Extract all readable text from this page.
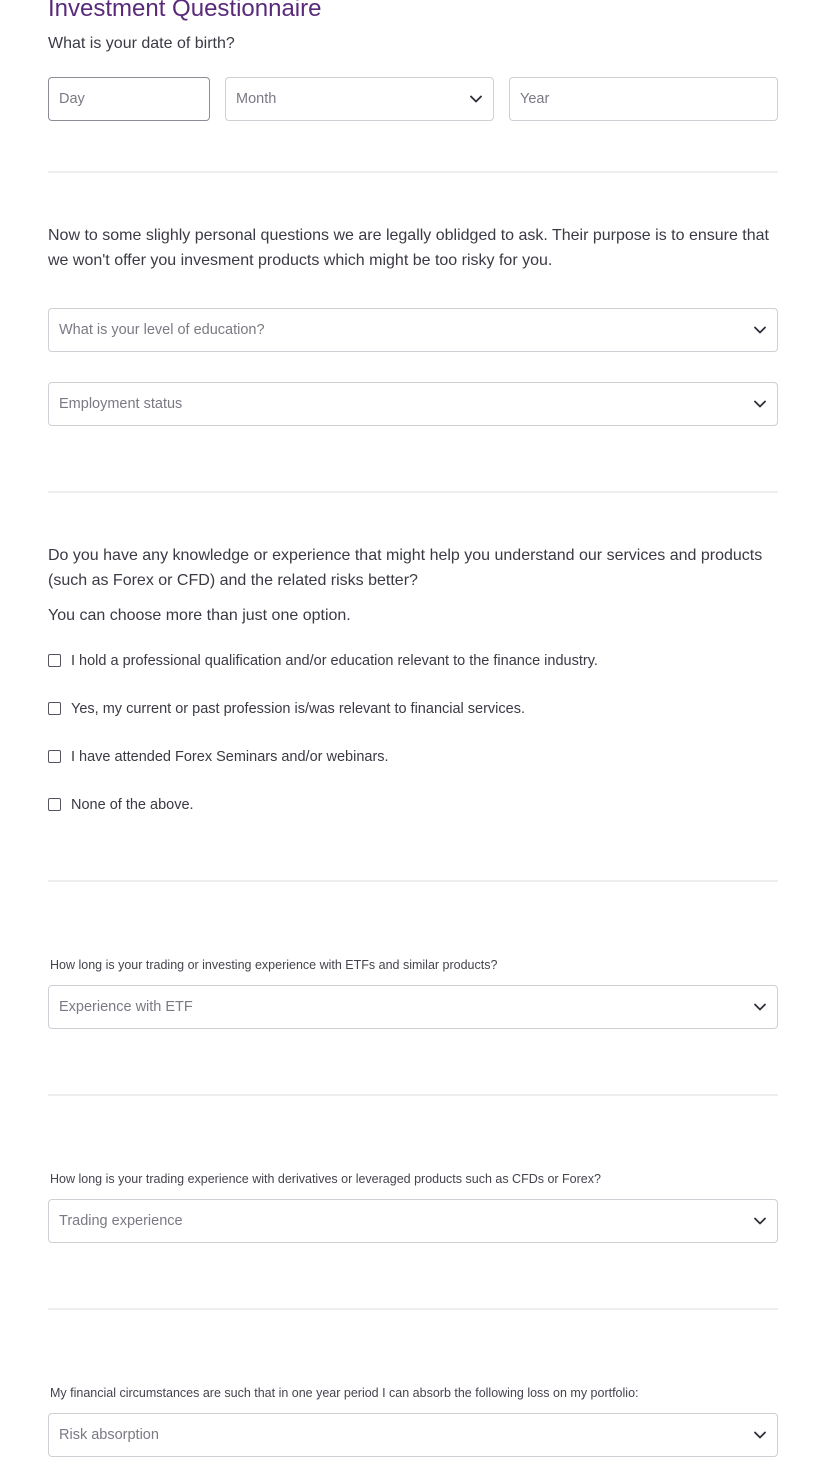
Investment Questionnaire

What is your date of birth?

Day
Month
Year

Now to some slighly personal questions we are legally oblidged to ask. Their purpose is to ensure that we won't offer you invesment products which might be too risky for you.

What is your level of education?
Employment status

Do you have any knowledge or experience that might help you understand our services and products (such as Forex or CFD) and the related risks better?

You can choose more than just one option.

I hold a professional qualification and/or education relevant to the finance industry.
Yes, my current or past profession is/was relevant to financial services.
I have attended Forex Seminars and/or webinars.
None of the above.

How long is your trading or investing experience with ETFs and similar products?

Experience with ETF

How long is your trading experience with derivatives or leveraged products such as CFDs or Forex?

Trading experience

My financial circumstances are such that in one year period I can absorb the following loss on my portfolio:

Risk absorption
